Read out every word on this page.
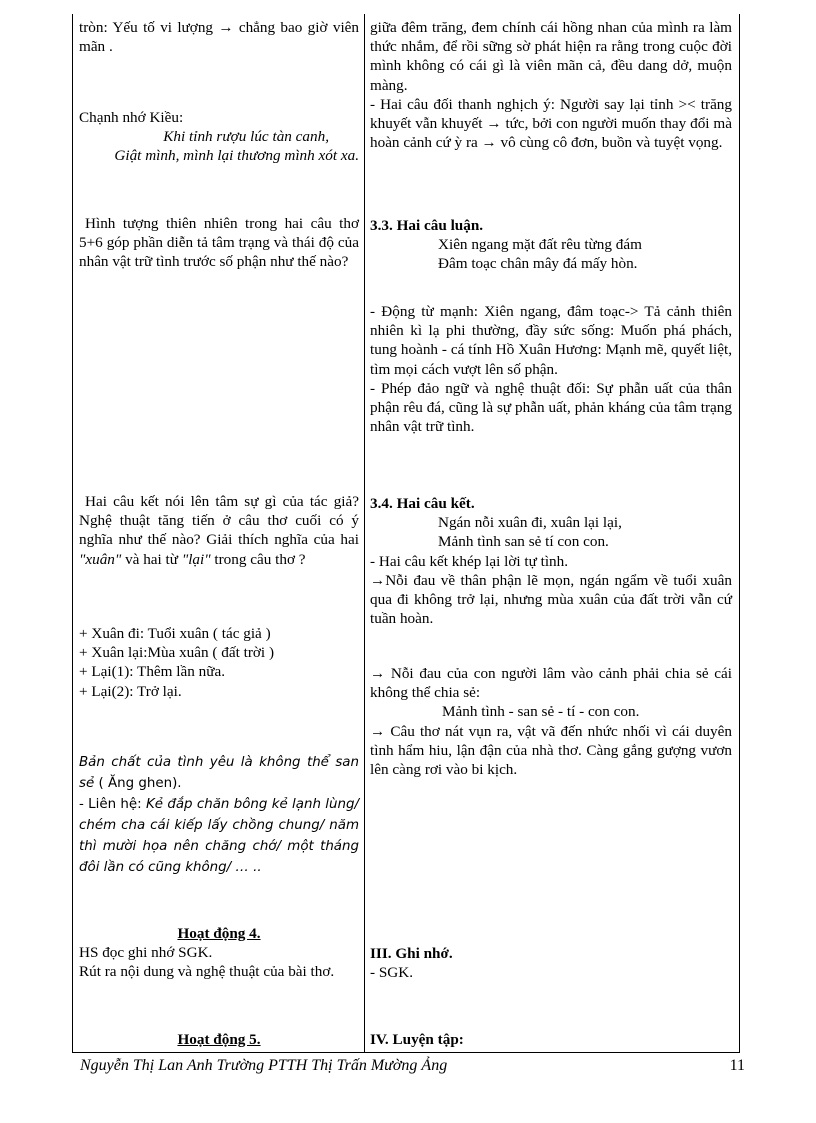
tròn: Yếu tố vi lượng → chẳng bao giờ viên mãn .

Chạnh nhớ Kiều:

Khi tỉnh rượu lúc tàn canh,

Giật mình, mình lại thương mình xót xa.

Hình tượng thiên nhiên trong hai câu thơ 5+6 góp phần diễn tả tâm trạng và thái độ của nhân vật trữ tình trước số phận như thế nào?

Hai câu kết nói lên tâm sự gì của tác giả? Nghệ thuật tăng tiến ở câu thơ cuối có ý nghĩa như thế nào? Giải thích nghĩa của hai "xuân" và hai từ "lại" trong câu thơ ?

+ Xuân đi: Tuổi xuân ( tác giả )

+ Xuân lại:Mùa xuân ( đất trời )

+ Lại(1): Thêm lần nữa.

+ Lại(2): Trở lại.

Bản chất của tình yêu là không thể san sẻ ( Ăng ghen).

- Liên hệ: Kẻ đắp chăn bông kẻ lạnh lùng/ chém cha cái kiếp lấy chồng chung/ năm thì mười họa nên chăng chớ/ một tháng đôi lần có cũng không/ … ..

Hoạt động 4.

HS đọc ghi nhớ SGK.

Rút ra nội dung và nghệ thuật của bài thơ.

Hoạt động 5.

giữa đêm trăng, đem chính cái hồng nhan của mình ra làm thức nhắm, để rồi sững sờ phát hiện ra rằng trong cuộc đời mình không có cái gì là viên mãn cả, đều dang dở, muộn màng.

- Hai câu đối thanh nghịch ý: Người say lại tỉnh >< trăng khuyết vẫn khuyết → tức, bởi con người muốn thay đổi mà hoàn cảnh cứ ỳ ra → vô cùng cô đơn, buồn và tuyệt vọng.

3.3. Hai câu luận.

Xiên ngang mặt đất rêu từng đám

Đâm toạc chân mây đá mấy hòn.

- Động từ mạnh: Xiên ngang, đâm toạc-> Tả cảnh thiên nhiên kì lạ phi thường, đầy sức sống: Muốn phá phách, tung hoành - cá tính Hồ Xuân Hương: Mạnh mẽ, quyết liệt, tìm mọi cách vượt lên số phận.

- Phép đảo ngữ và nghệ thuật đối: Sự phẫn uất của thân phận rêu đá, cũng là sự phẫn uất, phản kháng của tâm trạng nhân vật trữ tình.

3.4. Hai câu kết.

Ngán nỗi xuân đi, xuân lại lại,

Mảnh tình san sẻ tí con con.

- Hai câu kết khép lại lời tự tình.

→Nỗi đau về thân phận lẽ mọn, ngán ngẩm về tuổi xuân qua đi không trở lại, nhưng mùa xuân của đất trời vẫn cứ tuần hoàn.

→ Nỗi đau của con người lâm vào cảnh phải chia sẻ cái không thể chia sẻ:

Mảnh tình - san sẻ - tí - con con.

→ Câu thơ nát vụn ra, vật vã đến nhức nhối vì cái duyên tình hẩm hiu, lận đận của nhà thơ. Càng gắng gượng vươn lên càng rơi vào bi kịch.

III. Ghi nhớ.

- SGK.

IV. Luyện tập:

Nguyễn Thị Lan Anh Trường PTTH Thị Trấn Mường Ảng	11
